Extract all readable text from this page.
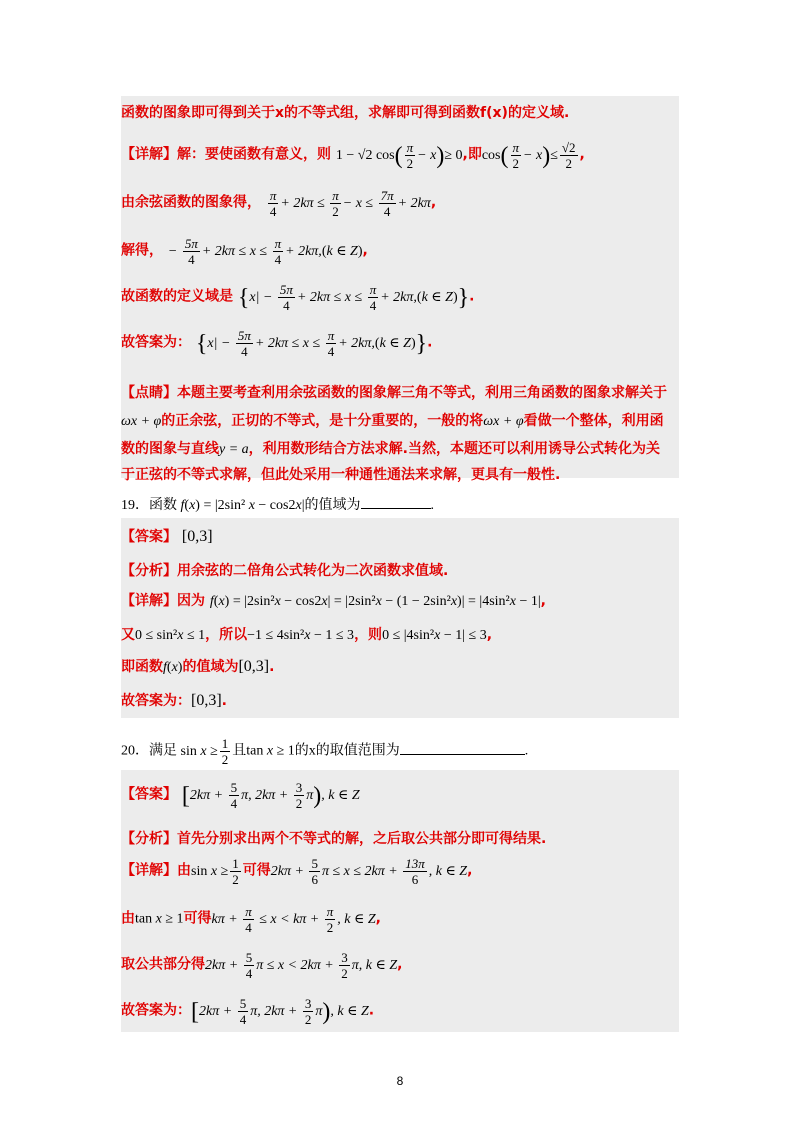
函数的图象即可得到关于x的不等式组，求解即可得到函数f(x)的定义域.
【详解】解：要使函数有意义，则 1 − √2 $\cos( \frac{\pi}{2} - x)\ge 0$,即$\cos( \frac{\pi}{2} - x)\le \frac{√2}{2}$ ,
由余弦函数的图象得， $\frac{\pi}{4} + 2k\pi \le \frac{\pi}{2} - x \le \frac{7\pi}{4} + 2k\pi$,
解得， − $\frac{5\pi}{4} + 2k\pi \le x \le \frac{\pi}{4} + 2k\pi,(k$ ∈ Z),
故函数的定义域是 {$x| - \frac{5\pi}{4} + 2k\pi \le x \le \frac{\pi}{4} + 2k\pi,(k$ ∈ Z)}.
故答案为： {$x| - \frac{5\pi}{4} + 2k\pi \le x \le \frac{\pi}{4} + 2k\pi,(k$ ∈ Z)}.
【点睛】本题主要考查利用余弦函数的图象解三角不等式，利用三角函数的图象求解关于
ωx + φ的正余弦，正切的不等式，是十分重要的，一般的将ωx + φ看做一个整体，利用函
数的图象与直线y = a，利用数形结合方法求解.当然，本题还可以利用诱导公式转化为关
于正弦的不等式求解，但此处采用一种通性通法来求解，更具有一般性.
19．函数 f(x) = |2sin² x − cos2x|的值域为	.
【答案】 [0,3]
【分析】用余弦的二倍角公式转化为二次函数求值域.
【详解】因为 f(x) = |2sin²x − cos2x| = |2sin²x − (1 − 2sin²x)| = |4sin²x − 1|,
又0 ≤ sin²x ≤ 1，所以−1 ≤ 4sin²x − 1 ≤ 3，则0 ≤ |4sin²x − 1| ≤ 3,
即函数f(x)的值域为[0,3].
故答案为：[0,3].
20．满足 $\sin x \ge \frac{1}{2}$ 且tan x ≥ 1的x的取值范围为	.
【答案】 [$2k\pi + \frac{5}{4} \pi$, $2k\pi + \frac{3}{2} \pi$), k ∈ Z
【分析】首先分别求出两个不等式的解，之后取公共部分即可得结果.
【详解】由$\sin x \ge \frac{1}{2}$ 可得$2k\pi + \frac{5}{6}$ $\pi \le x \le 2k\pi + \frac{13\pi}{6}$ , k ∈ Z,
由tan x ≥ 1可得$k\pi + \frac{\pi}{4} \le x < k\pi + \frac{\pi}{2}$ , k ∈ Z,
取公共部分得$2k\pi + \frac{5}{4}$ $\pi \le x < 2k\pi + \frac{3}{2} \pi$, k ∈ Z,
故答案为：[$2k\pi + \frac{5}{4} \pi$, $2k\pi + \frac{3}{2} \pi$), k ∈ Z.
8
